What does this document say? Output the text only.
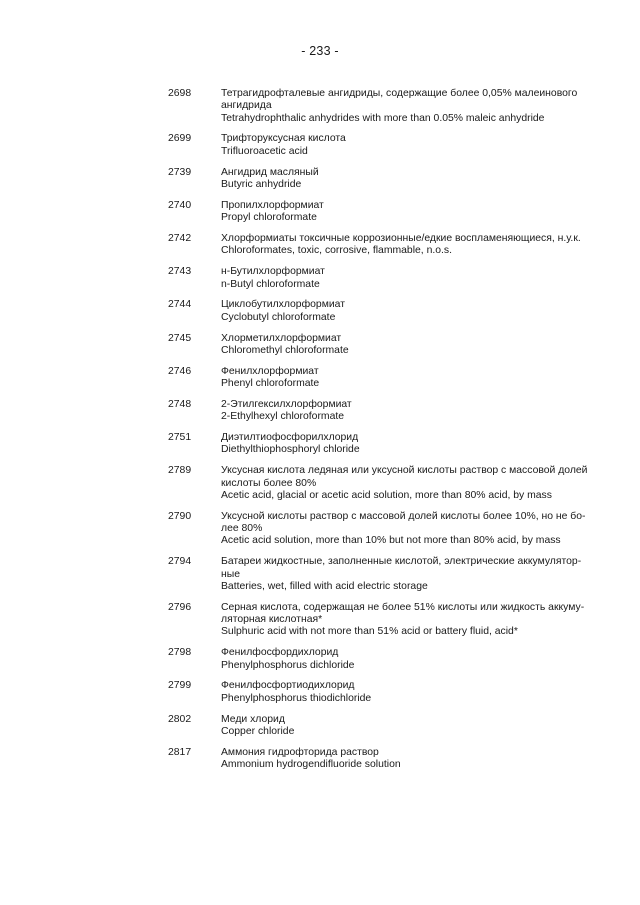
- 233 -
2698	Тетрагидрофталевые ангидриды, содержащие более 0,05% малеинового
ангидрида
Tetrahydrophthalic anhydrides with more than 0.05% maleic anhydride
2699	Трифторуксусная кислота
Trifluoroacetic acid
2739	Ангидрид масляный
Butyric anhydride
2740	Пропилхлорформиат
Propyl chloroformate
2742	Хлорформиаты токсичные коррозионные/едкие воспламеняющиеся, н.у.к.
Chloroformates, toxic, corrosive, flammable, n.o.s.
2743	н-Бутилхлорформиат
n-Butyl chloroformate
2744	Циклобутилхлорформиат
Cyclobutyl chloroformate
2745	Хлорметилхлорформиат
Chloromethyl chloroformate
2746	Фенилхлорформиат
Phenyl chloroformate
2748	2-Этилгексилхлорформиат
2-Ethylhexyl chloroformate
2751	Диэтилтиофосфорилхлорид
Diethylthiophosphoryl chloride
2789	Уксусная кислота ледяная или уксусной кислоты раствор с массовой долей
кислоты более 80%
Acetic acid, glacial or acetic acid solution, more than 80% acid, by mass
2790	Уксусной кислоты раствор с массовой долей кислоты более 10%, но не бо-
лее 80%
Acetic acid solution, more than 10% but not more than 80% acid, by mass
2794	Батареи жидкостные, заполненные кислотой, электрические аккумулятор-
ные
Batteries, wet, filled with acid electric storage
2796	Серная кислота, содержащая не более 51% кислоты или жидкость аккуму-
ляторная кислотная*
Sulphuric acid with not more than 51% acid or battery fluid, acid*
2798	Фенилфосфордихлорид
Phenylphosphorus dichloride
2799	Фенилфосфортиодихлорид
Phenylphosphorus thiodichloride
2802	Меди хлорид
Copper chloride
2817	Аммония гидрофторида раствор
Ammonium hydrogendifluoride solution
